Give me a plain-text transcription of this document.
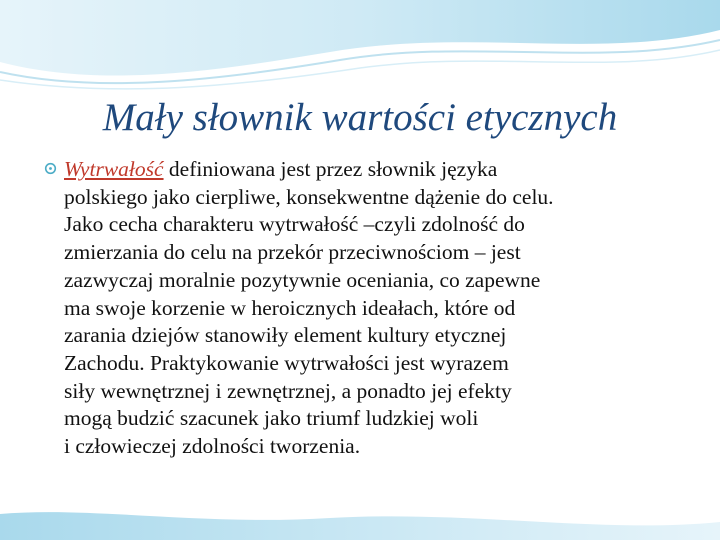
Mały słownik wartości etycznych

Wytrwałość definiowana jest przez słownik języka
polskiego jako cierpliwe, konsekwentne dążenie do celu.
Jako cecha charakteru wytrwałość –czyli zdolność do
zmierzania do celu na przekór przeciwnościom – jest
zazwyczaj moralnie pozytywnie oceniania, co zapewne
ma swoje korzenie w heroicznych ideałach, które od
zarania dziejów stanowiły element kultury etycznej
Zachodu. Praktykowanie wytrwałości jest wyrazem
siły wewnętrznej i zewnętrznej, a ponadto jej efekty
mogą budzić szacunek jako triumf ludzkiej woli
i człowieczej zdolności tworzenia.
